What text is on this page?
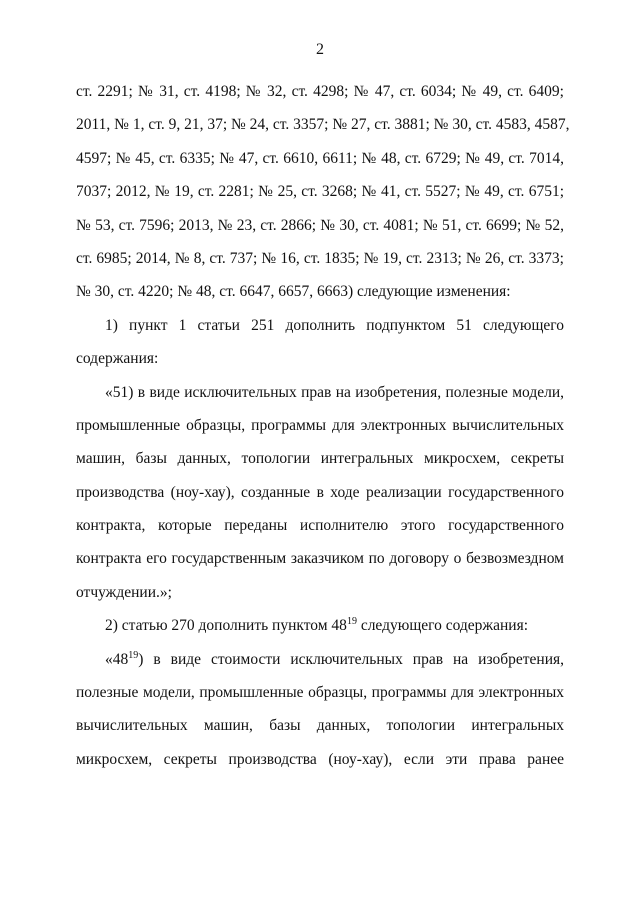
2
ст. 2291; № 31, ст. 4198; № 32, ст. 4298; № 47, ст. 6034; № 49, ст. 6409;
2011, № 1, ст. 9, 21, 37; № 24, ст. 3357; № 27, ст. 3881; № 30, ст. 4583, 4587,
4597; № 45, ст. 6335; № 47, ст. 6610, 6611; № 48, ст. 6729; № 49, ст. 7014,
7037; 2012, № 19, ст. 2281; № 25, ст. 3268; № 41, ст. 5527; № 49, ст. 6751;
№ 53, ст. 7596; 2013, № 23, ст. 2866; № 30, ст. 4081; № 51, ст. 6699; № 52,
ст. 6985; 2014, № 8, ст. 737; № 16, ст. 1835; № 19, ст. 2313; № 26, ст. 3373;
№ 30, ст. 4220; № 48, ст. 6647, 6657, 6663) следующие изменения:
1) пункт 1 статьи 251 дополнить подпунктом 51 следующего
содержания:
«51) в виде исключительных прав на изобретения, полезные модели,
промышленные образцы, программы для электронных вычислительных
машин, базы данных, топологии интегральных микросхем, секреты
производства (ноу-хау), созданные в ходе реализации государственного
контракта, которые переданы исполнителю этого государственного
контракта его государственным заказчиком по договору о безвозмездном
отчуждении.»;
2) статью 270 дополнить пунктом $48^{19}$ следующего содержания:
«$48^{19}$) в виде стоимости исключительных прав на изобретения,
полезные модели, промышленные образцы, программы для электронных
вычислительных машин, базы данных, топологии интегральных
микросхем, секреты производства (ноу-хау), если эти права ранее
